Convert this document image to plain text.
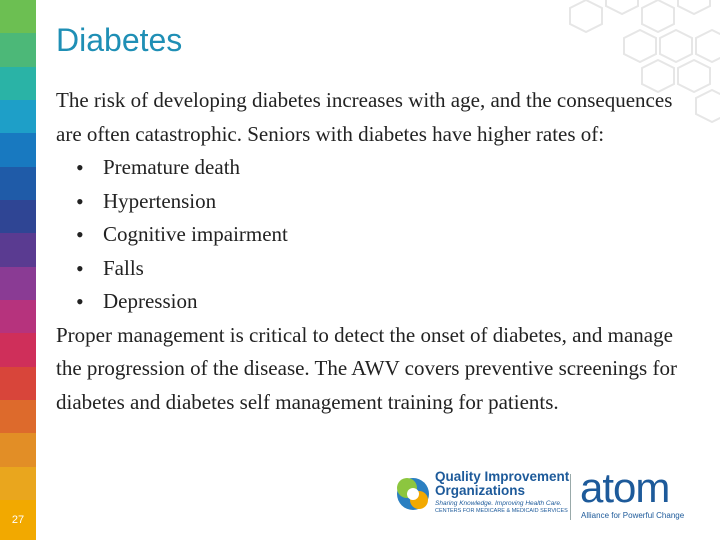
27
Diabetes

The risk of developing diabetes increases with age, and the consequences are often catastrophic. Seniors with diabetes have higher rates of:

• Premature death
• Hypertension
• Cognitive impairment
• Falls
• Depression

Proper management is critical to detect the onset of diabetes, and manage the progression of the disease. The AWV covers preventive screenings for diabetes and diabetes self management training for patients.

Quality Improvement
Organizations
Sharing Knowledge. Improving Health Care.
CENTERS FOR MEDICARE & MEDICAID SERVICES atom
Alliance for Powerful Change
